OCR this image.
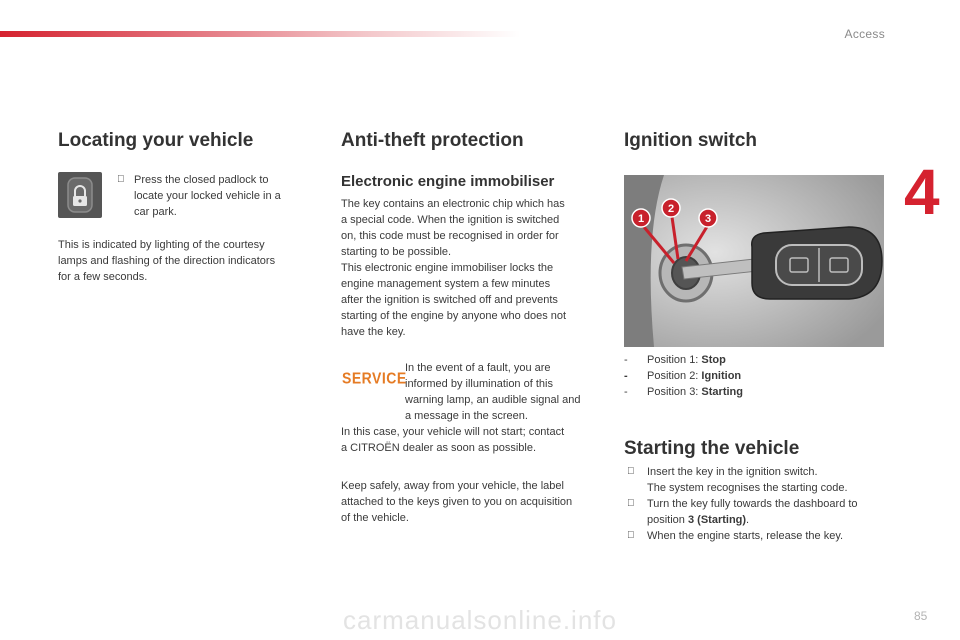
Access
4
Locating your vehicle
Press the closed padlock to
locate your locked vehicle in a
car park.
This is indicated by lighting of the courtesy
lamps and flashing of the direction indicators
for a few seconds.
Anti-theft protection
Electronic engine immobiliser
The key contains an electronic chip which has
a special code. When the ignition is switched
on, this code must be recognised in order for
starting to be possible.
This electronic engine immobiliser locks the
engine management system a few minutes
after the ignition is switched off and prevents
starting of the engine by anyone who does not
have the key.
SERVICE
In the event of a fault, you are
informed by illumination of this
warning lamp, an audible signal and
a message in the screen.
In this case, your vehicle will not start; contact
a CITROËN dealer as soon as possible.
Keep safely, away from your vehicle, the label
attached to the keys given to you on acquisition
of the vehicle.
Ignition switch
1
2
3
- Position 1: Stop
- Position 2: Ignition
- Position 3: Starting
Starting the vehicle
Insert the key in the ignition switch.
The system recognises the starting code.
Turn the key fully towards the dashboard to
position 3 (Starting).
When the engine starts, release the key.
carmanualsonline.info	85
